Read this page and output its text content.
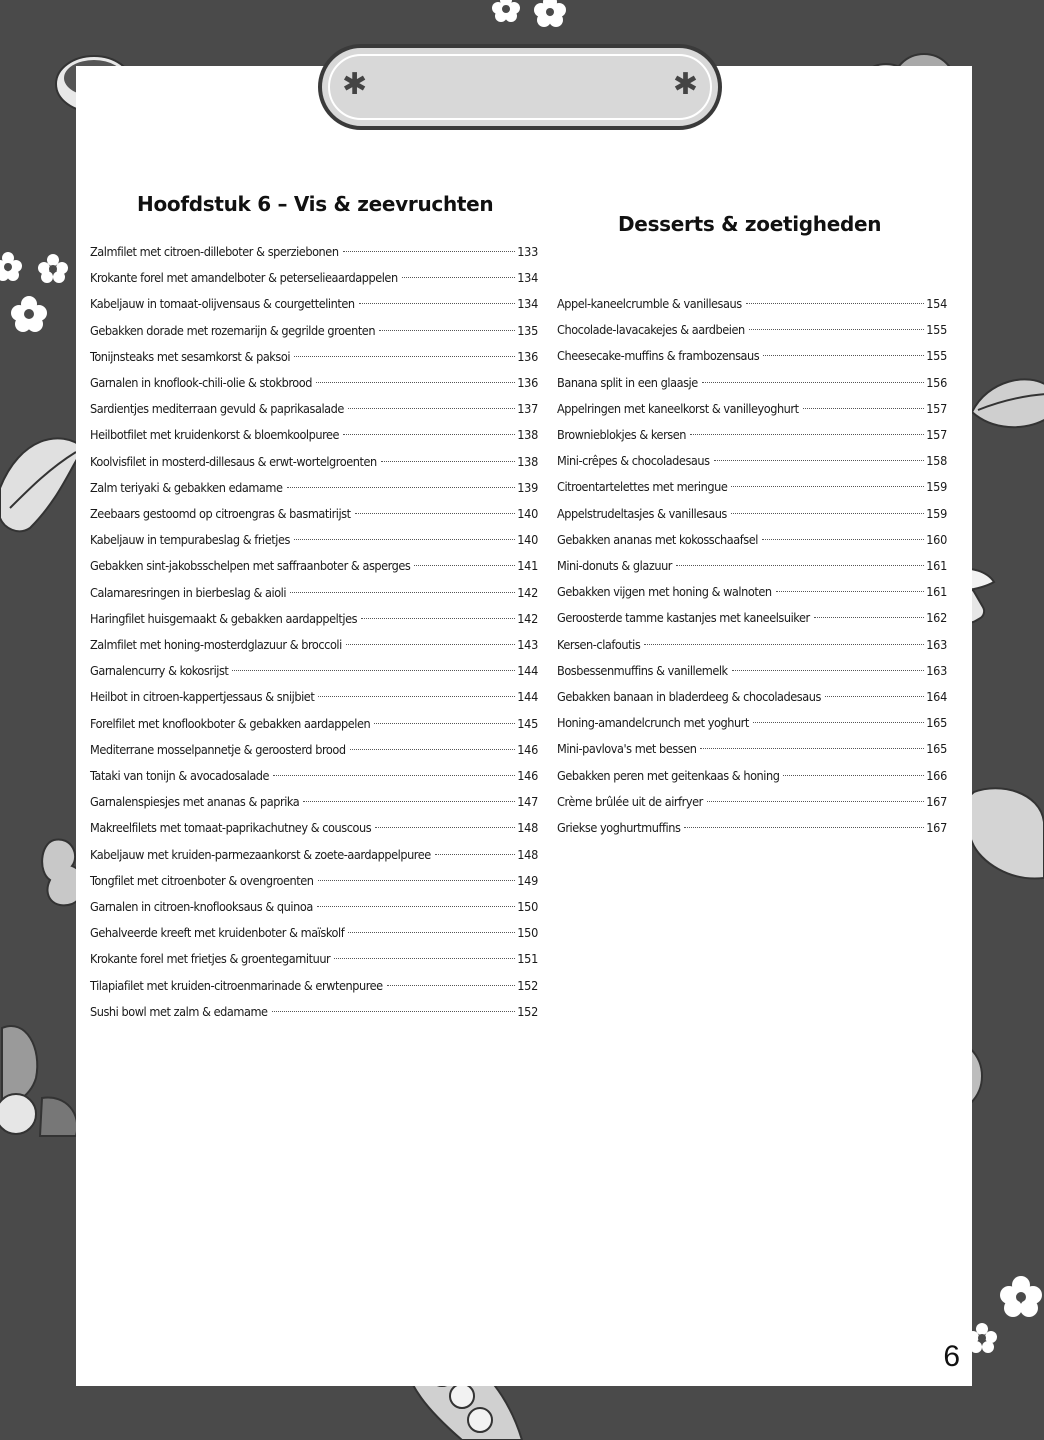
✱	✱
Hoofdstuk 6 – Vis & zeevruchten
Desserts & zoetigheden
Zalmfilet met citroen-dilleboter & sperziebonen	133
Krokante forel met amandelboter & peterselieaardappelen	134
Kabeljauw in tomaat-olijvensaus & courgettelinten	134
Gebakken dorade met rozemarijn & gegrilde groenten	135
Tonijnsteaks met sesamkorst & paksoi	136
Garnalen in knoflook-chili-olie & stokbrood	136
Sardientjes mediterraan gevuld & paprikasalade	137
Heilbotfilet met kruidenkorst & bloemkoolpuree	138
Koolvisfilet in mosterd-dillesaus & erwt-wortelgroenten	138
Zalm teriyaki & gebakken edamame	139
Zeebaars gestoomd op citroengras & basmatirijst	140
Kabeljauw in tempurabeslag & frietjes	140
Gebakken sint-jakobsschelpen met saffraanboter & asperges	141
Calamaresringen in bierbeslag & aioli	142
Haringfilet huisgemaakt & gebakken aardappeltjes	142
Zalmfilet met honing-mosterdglazuur & broccoli	143
Garnalencurry & kokosrijst	144
Heilbot in citroen-kappertjessaus & snijbiet	144
Forelfilet met knoflookboter & gebakken aardappelen	145
Mediterrane mosselpannetje & geroosterd brood	146
Tataki van tonijn & avocadosalade	146
Garnalenspiesjes met ananas & paprika	147
Makreelfilets met tomaat-paprikachutney & couscous	148
Kabeljauw met kruiden-parmezaankorst & zoete-aardappelpuree	148
Tongfilet met citroenboter & ovengroenten	149
Garnalen in citroen-knoflooksaus & quinoa	150
Gehalveerde kreeft met kruidenboter & maïskolf	150
Krokante forel met frietjes & groentegarnituur	151
Tilapiafilet met kruiden-citroenmarinade & erwtenpuree	152
Sushi bowl met zalm & edamame	152
Appel-kaneelcrumble & vanillesaus	154
Chocolade-lavacakejes & aardbeien	155
Cheesecake-muffins & frambozensaus	155
Banana split in een glaasje	156
Appelringen met kaneelkorst & vanilleyoghurt	157
Brownieblokjes & kersen	157
Mini-crêpes & chocoladesaus	158
Citroentartelettes met meringue	159
Appelstrudeltasjes & vanillesaus	159
Gebakken ananas met kokosschaafsel	160
Mini-donuts & glazuur	161
Gebakken vijgen met honing & walnoten	161
Geroosterde tamme kastanjes met kaneelsuiker	162
Kersen-clafoutis	163
Bosbessenmuffins & vanillemelk	163
Gebakken banaan in bladerdeeg & chocoladesaus	164
Honing-amandelcrunch met yoghurt	165
Mini-pavlova's met bessen	165
Gebakken peren met geitenkaas & honing	166
Crème brûlée uit de airfryer	167
Griekse yoghurtmuffins	167
6
